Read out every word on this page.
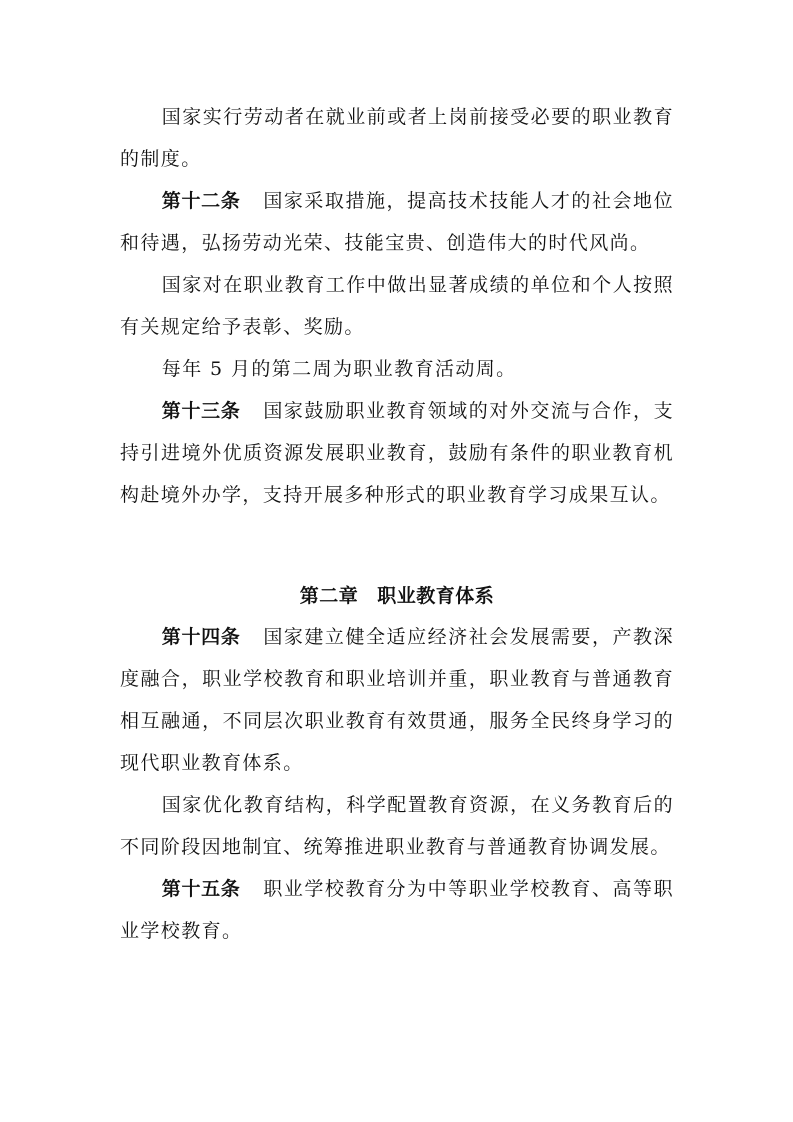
国家实行劳动者在就业前或者上岗前接受必要的职业教育的制度。

第十二条 国家采取措施，提高技术技能人才的社会地位和待遇，弘扬劳动光荣、技能宝贵、创造伟大的时代风尚。

国家对在职业教育工作中做出显著成绩的单位和个人按照有关规定给予表彰、奖励。

每年 5 月的第二周为职业教育活动周。

第十三条 国家鼓励职业教育领域的对外交流与合作，支持引进境外优质资源发展职业教育，鼓励有条件的职业教育机构赴境外办学，支持开展多种形式的职业教育学习成果互认。

第二章 职业教育体系

第十四条 国家建立健全适应经济社会发展需要，产教深度融合，职业学校教育和职业培训并重，职业教育与普通教育相互融通，不同层次职业教育有效贯通，服务全民终身学习的现代职业教育体系。

国家优化教育结构，科学配置教育资源，在义务教育后的不同阶段因地制宜、统筹推进职业教育与普通教育协调发展。

第十五条 职业学校教育分为中等职业学校教育、高等职业学校教育。
